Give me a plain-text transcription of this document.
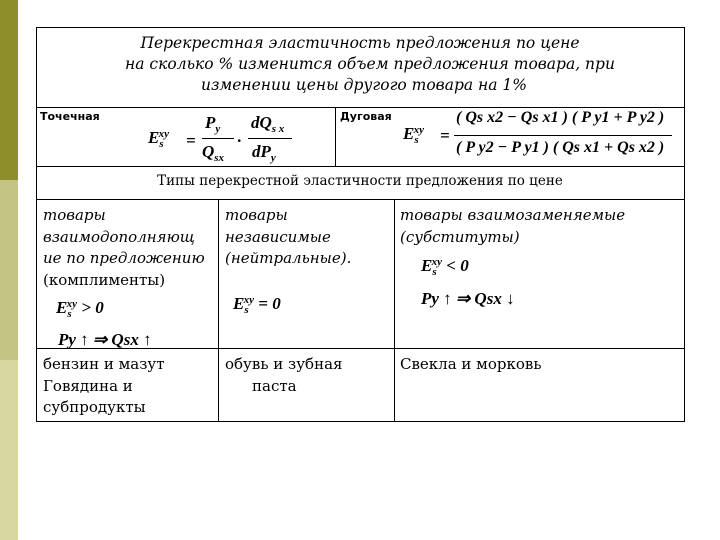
Перекрестная эластичность предложения по цене
на сколько % изменится объем предложения товара, при
изменении цены другого товара на 1%
Точечная	Дуговая
$E_s^{xy}$ =
$P_y$
$Q_{sx}$
·
$dQ_{s x}$
$dP_y$
$E_s^{xy}$ =
( Qs x2 − Qs x1 ) ( P y1 + P y2 )
( P y2 − P y1 ) ( Qs x1 + Qs x2 )
Типы перекрестной эластичности предложения по цене
товары
взаимодополняющ
ие по предложению
(комплименты)
$E_s^{xy} > 0$
Py ↑ ⇒ Qsx ↑
товары
независимые
(нейтральные).
$E_s^{xy} = 0$
товары взаимозаменяемые
(субституты)
$E_s^{xy} < 0$
Py ↑ ⇒ Qsx ↓
бензин и мазут
Говядина и
субпродукты
обувь и зубная
паста
Свекла и морковь
